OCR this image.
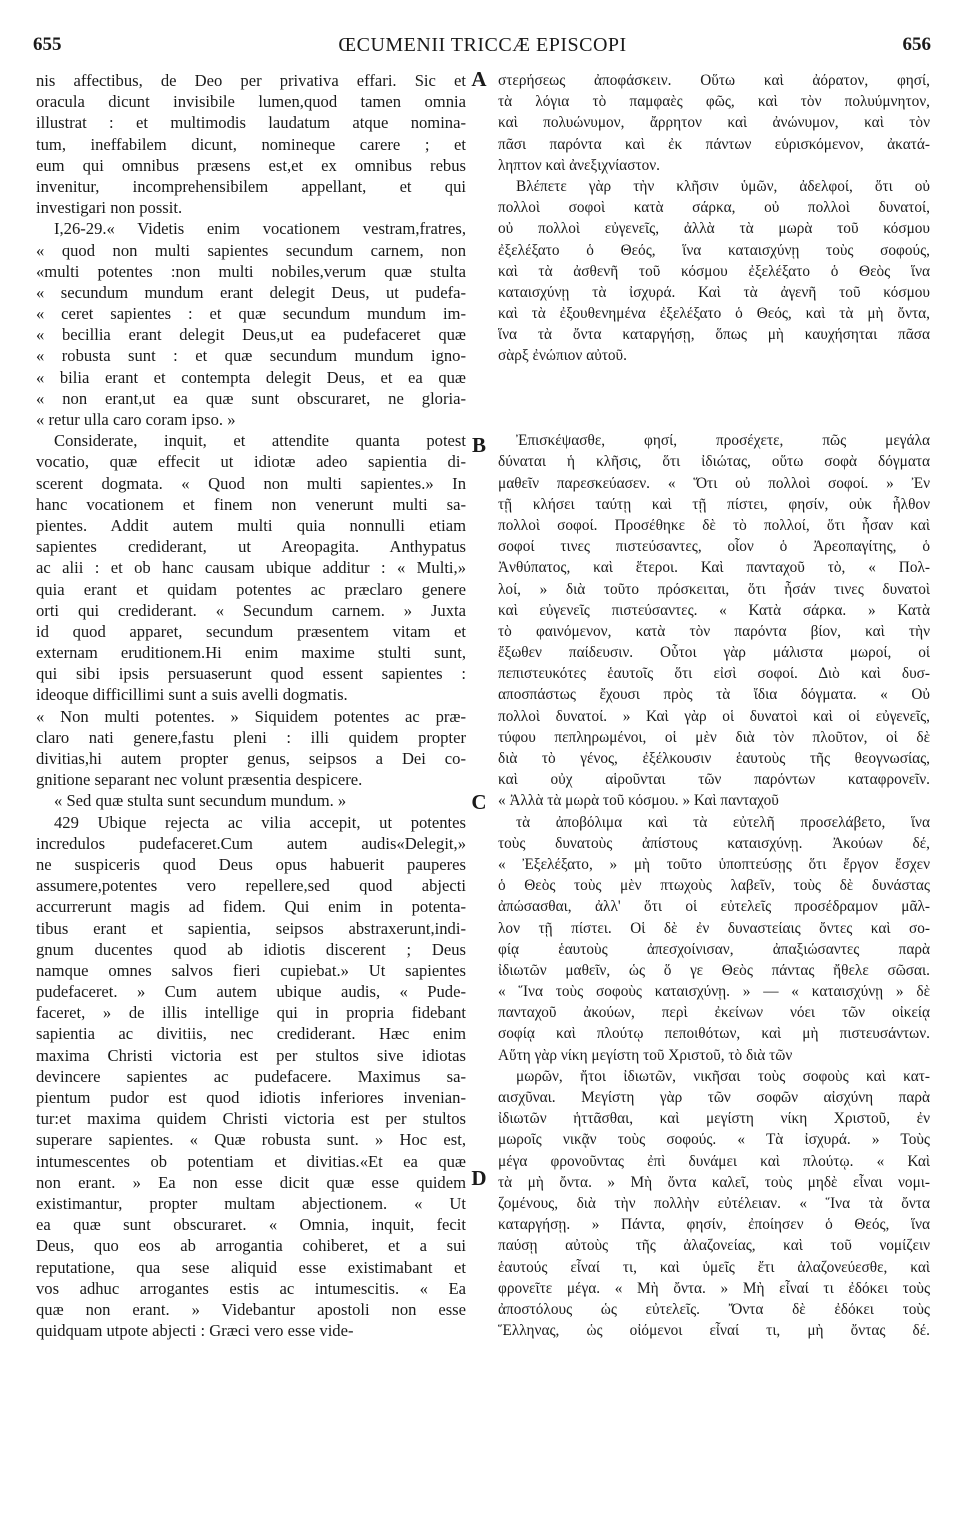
655	ŒCUMENII TRICCÆ EPISCOPI	656
A
B
C
D
nis affectibus, de Deo per privativa effari. Sic et
oracula dicunt invisibile lumen,quod tamen omnia
illustrat : et multimodis laudatum atque nomina-
tum, ineffabilem dicunt, nomineque carere ; et
eum qui omnibus præsens est,et ex omnibus rebus
invenitur, incomprehensibilem appellant, et qui
investigari non possit.
I,26-29.« Videtis enim vocationem vestram,fratres,
« quod non multi sapientes secundum carnem, non
«multi potentes :non multi nobiles,verum quæ stulta
« secundum mundum erant delegit Deus, ut pudefa-
« ceret sapientes : et quæ secundum mundum im-
« becillia erant delegit Deus,ut ea pudefaceret quæ
« robusta sunt : et quæ secundum mundum igno-
« bilia erant et contempta delegit Deus, et ea quæ
« non erant,ut ea quæ sunt obscuraret, ne gloria-
« retur ulla caro coram ipso. »
Considerate, inquit, et attendite quanta potest
vocatio, quæ effecit ut idiotæ adeo sapientia di-
scerent dogmata. « Quod non multi sapientes.» In
hanc vocationem et finem non venerunt multi sa-
pientes. Addit autem multi quia nonnulli etiam
sapientes crediderant, ut Areopagita. Anthypatus
ac alii : et ob hanc causam ubique additur : « Multi,»
quia erant et quidam potentes ac præclaro genere
orti qui crediderant. « Secundum carnem. » Juxta
id quod apparet, secundum præsentem vitam et
externam eruditionem.Hi enim maxime stulti sunt,
qui sibi ipsis persuaserunt quod essent sapientes :
ideoque difficillimi sunt a suis avelli dogmatis.
« Non multi potentes. » Siquidem potentes ac præ-
claro nati genere,fastu pleni : illi quidem propter
divitias,hi autem propter genus, seipsos a Dei co-
gnitione separant nec volunt præsentia despicere.
« Sed quæ stulta sunt secundum mundum. »
429 Ubique rejecta ac vilia accepit, ut potentes
incredulos pudefaceret.Cum autem audis«Delegit,»
ne suspiceris quod Deus opus habuerit pauperes
assumere,potentes vero repellere,sed quod abjecti
accurrerunt magis ad fidem. Qui enim in potenta-
tibus erant et sapientia, seipsos abstraxerunt,indi-
gnum ducentes quod ab idiotis discerent ; Deus
namque omnes salvos fieri cupiebat.» Ut sapientes
pudefaceret. » Cum autem ubique audis, « Pude-
faceret, » de illis intellige qui in propria fidebant
sapientia ac divitiis, nec crediderant. Hæc enim
maxima Christi victoria est per stultos sive idiotas
devincere sapientes ac pudefacere. Maximus sa-
pientum pudor est quod idiotis inferiores invenian-
tur:et maxima quidem Christi victoria est per stultos
superare sapientes. « Quæ robusta sunt. » Hoc est,
intumescentes ob potentiam et divitias.«Et ea quæ
non erant. » Ea non esse dicit quæ esse quidem
existimantur, propter multam abjectionem. « Ut
ea quæ sunt obscuraret. « Omnia, inquit, fecit
Deus, quo eos ab arrogantia cohiberet, et a sui
reputatione, qua sese aliquid esse existimabant et
vos adhuc arrogantes estis ac intumescitis. « Ea
quæ non erant. » Videbantur apostoli non esse
quidquam utpote abjecti : Græci vero esse vide-
στερήσεως ἀποφάσκειν. Οὕτω καὶ ἀόρατον, φησί,
τὰ λόγια τὸ παμφαὲς φῶς, καὶ τὸν πολυύμνητον,
καὶ πολυώνυμον, ἄρρητον καὶ ἀνώνυμον, καὶ τὸν
πᾶσι παρόντα καὶ ἐκ πάντων εὑρισκόμενον, ἀκατά-
ληπτον καὶ ἀνεξιχνίαστον.
Βλέπετε γὰρ τὴν κλῆσιν ὑμῶν, ἀδελφοί, ὅτι οὐ
πολλοὶ σοφοὶ κατὰ σάρκα, οὐ πολλοὶ δυνατοί,
οὐ πολλοὶ εὐγενεῖς, ἀλλὰ τὰ μωρὰ τοῦ κόσμου
ἐξελέξατο ὁ Θεός, ἵνα καταισχύνῃ τοὺς σοφούς,
καὶ τὰ ἀσθενῆ τοῦ κόσμου ἐξελέξατο ὁ Θεὸς ἵνα
καταισχύνῃ τὰ ἰσχυρά. Καὶ τὰ ἀγενῆ τοῦ κόσμου
καὶ τὰ ἐξουθενημένα ἐξελέξατο ὁ Θεός, καὶ τὰ μὴ ὄντα,
ἵνα τὰ ὄντα καταργήσῃ, ὅπως μὴ καυχήσηται πᾶσα
σὰρξ ἐνώπιον αὐτοῦ.
Ἐπισκέψασθε, φησί, προσέχετε, πῶς μεγάλα
δύναται ἡ κλῆσις, ὅτι ἰδιώτας, οὕτω σοφὰ δόγματα
μαθεῖν παρεσκεύασεν. « Ὅτι οὐ πολλοὶ σοφοί. » Ἐν
τῇ κλήσει ταύτῃ καὶ τῇ πίστει, φησίν, οὐκ ἦλθον
πολλοὶ σοφοί. Προσέθηκε δὲ τὸ πολλοί, ὅτι ἦσαν καὶ
σοφοί τινες πιστεύσαντες, οἷον ὁ Ἀρεοπαγίτης, ὁ
Ἀνθύπατος, καὶ ἕτεροι. Καὶ πανταχοῦ τὸ, « Πολ-
λοί, » διὰ τοῦτο πρόσκειται, ὅτι ἦσάν τινες δυνατοὶ
καὶ εὐγενεῖς πιστεύσαντες. « Κατὰ σάρκα. » Κατὰ
τὸ φαινόμενον, κατὰ τὸν παρόντα βίον, καὶ τὴν
ἔξωθεν παίδευσιν. Οὗτοι γὰρ μάλιστα μωροί, οἱ
πεπιστευκότες ἑαυτοῖς ὅτι εἰσὶ σοφοί. Διὸ καὶ δυσ-
αποσπάστως ἔχουσι πρὸς τὰ ἴδια δόγματα. « Οὐ
πολλοὶ δυνατοί. » Καὶ γὰρ οἱ δυνατοὶ καὶ οἱ εὐγενεῖς,
τύφου πεπληρωμένοι, οἱ μὲν διὰ τὸν πλοῦτον, οἱ δὲ
διὰ τὸ γένος, ἐξέλκουσιν ἑαυτοὺς τῆς θεογνωσίας,
καὶ οὐχ αἱροῦνται τῶν παρόντων καταφρονεῖν.
« Ἀλλὰ τὰ μωρὰ τοῦ κόσμου. » Καὶ πανταχοῦ
τὰ ἀποβόλιμα καὶ τὰ εὐτελῆ προσελάβετο, ἵνα
τοὺς δυνατοὺς ἀπίστους καταισχύνῃ. Ἀκούων δέ,
« Ἐξελέξατο, » μὴ τοῦτο ὑποπτεύσῃς ὅτι ἔργον ἔσχεν
ὁ Θεὸς τοὺς μὲν πτωχοὺς λαβεῖν, τοὺς δὲ δυνάστας
ἀπώσασθαι, ἀλλ' ὅτι οἱ εὐτελεῖς προσέδραμον μᾶλ-
λον τῇ πίστει. Οἱ δὲ ἐν δυναστείαις ὄντες καὶ σο-
φίᾳ ἑαυτοὺς ἀπεσχοίνισαν, ἀπαξιώσαντες παρὰ
ἰδιωτῶν μαθεῖν, ὡς ὅ γε Θεὸς πάντας ἤθελε σῶσαι.
« Ἵνα τοὺς σοφοὺς καταισχύνῃ. » — « καταισχύνῃ » δὲ
πανταχοῦ ἀκούων, περὶ ἐκείνων νόει τῶν οἰκείᾳ
σοφίᾳ καὶ πλούτῳ πεποιθότων, καὶ μὴ πιστευσάντων.
Αὕτη γὰρ νίκη μεγίστη τοῦ Χριστοῦ, τὸ διὰ τῶν
μωρῶν, ἤτοι ἰδιωτῶν, νικῆσαι τοὺς σοφοὺς καὶ κατ-
αισχῦναι. Μεγίστη γὰρ τῶν σοφῶν αἰσχύνη παρὰ
ἰδιωτῶν ἡττᾶσθαι, καὶ μεγίστη νίκη Χριστοῦ, ἐν
μωροῖς νικᾷν τοὺς σοφούς. « Τὰ ἰσχυρά. » Τοὺς
μέγα φρονοῦντας ἐπὶ δυνάμει καὶ πλούτῳ. « Καὶ
τὰ μὴ ὄντα. » Μὴ ὄντα καλεῖ, τοὺς μηδὲ εἶναι νομι-
ζομένους, διὰ τὴν πολλὴν εὐτέλειαν. « Ἵνα τὰ ὄντα
καταργήσῃ. » Πάντα, φησίν, ἐποίησεν ὁ Θεός, ἵνα
παύσῃ αὐτοὺς τῆς ἀλαζονείας, καὶ τοῦ νομίζειν
ἑαυτούς εἶναί τι, καὶ ὑμεῖς ἔτι ἀλαζονεύεσθε, καὶ
φρονεῖτε μέγα. « Μὴ ὄντα. » Μὴ εἶναί τι ἐδόκει τοὺς
ἀποστόλους ὡς εὐτελεῖς. Ὄντα δὲ ἐδόκει τοὺς
Ἕλληνας, ὡς οἰόμενοι εἶναί τι, μὴ ὄντας δέ.
